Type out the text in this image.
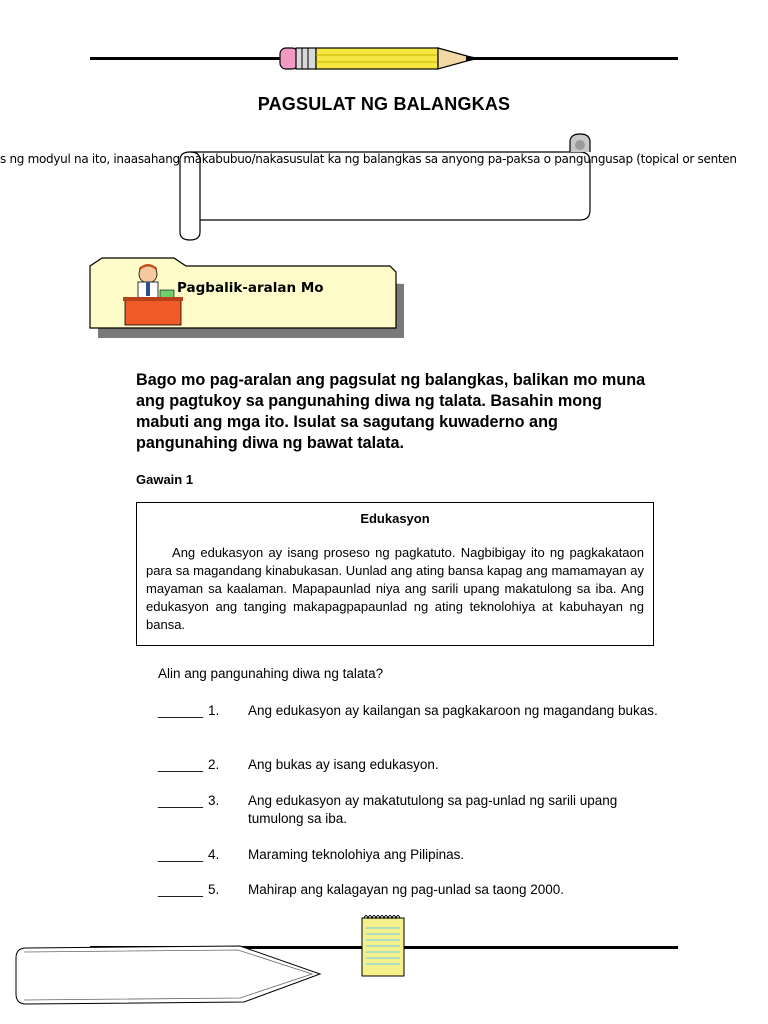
PAGSULAT NG BALANGKAS
s ng modyul na ito, inaasahang makabubuo/nakasusulat ka ng balangkas sa anyong pa-paksa o pangungusap (topical or senten
Pagbalik-aralan Mo
Bago mo pag-aralan ang pagsulat ng balangkas, balikan mo muna ang pagtukoy sa pangunahing diwa ng talata. Basahin mong mabuti ang mga ito. Isulat sa sagutang kuwaderno ang pangunahing diwa ng bawat talata.
Gawain 1
Edukasyon
Ang edukasyon ay isang proseso ng pagkatuto. Nagbibigay ito ng pagkakataon para sa magandang kinabukasan. Uunlad ang ating bansa kapag ang mamamayan ay mayaman sa kaalaman. Mapapaunlad niya ang sarili upang makatulong sa iba. Ang edukasyon ang tanging makapagpapaunlad ng ating teknolohiya at kabuhayan ng bansa.
Alin ang pangunahing diwa ng talata?
______ 1. Ang edukasyon ay kailangan sa pagkakaroon ng magandang bukas.
______ 2. Ang bukas ay isang edukasyon.
______ 3. Ang edukasyon ay makatutulong sa pag-unlad ng sarili upang tumulong sa iba.
______ 4. Maraming teknolohiya ang Pilipinas.
______ 5. Mahirap ang kalagayan ng pag-unlad sa taong 2000.
